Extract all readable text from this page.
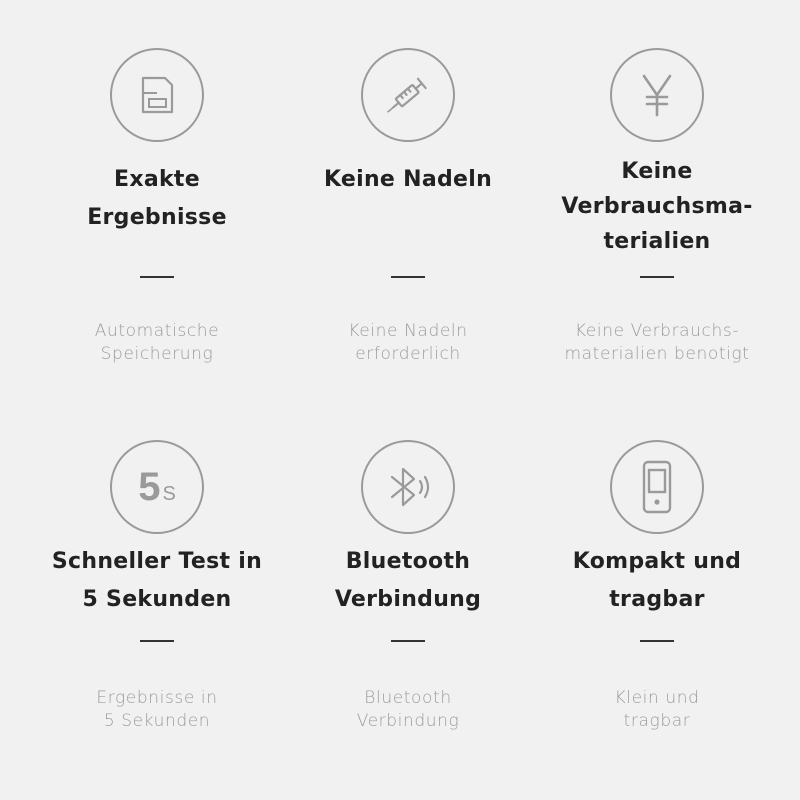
Exakte
Ergebnisse
Automatische
Speicherung
Keine Nadeln
Keine Nadeln
erforderlich
Keine
Verbrauchsma-
terialien
Keine Verbrauchs-
materialien benotigt
5 S
Schneller Test in
5 Sekunden
Ergebnisse in
5 Sekunden
Bluetooth
Verbindung
Bluetooth
Verbindung
Kompakt und
tragbar
Klein und
tragbar
